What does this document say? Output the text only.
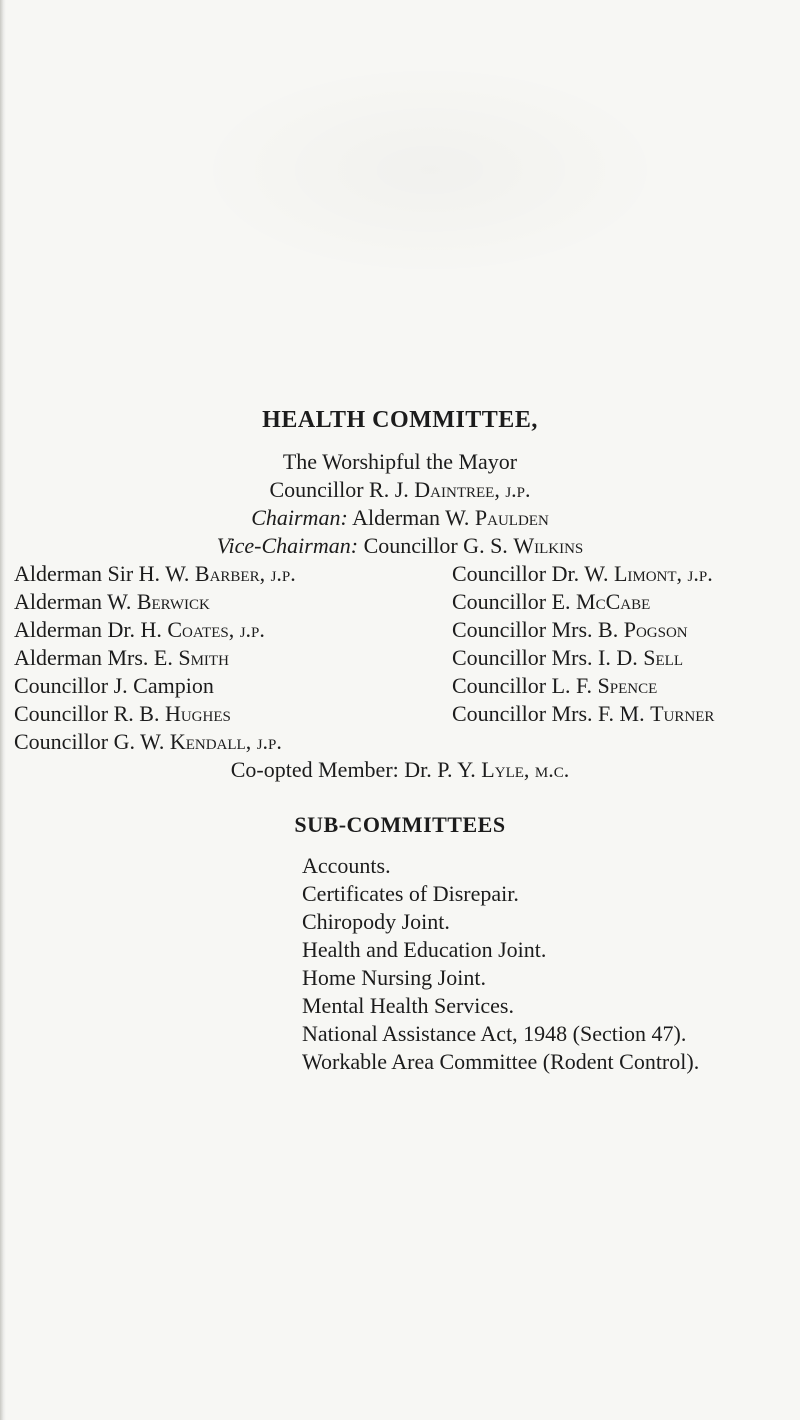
HEALTH COMMITTEE,
The Worshipful the Mayor
Councillor R. J. Daintree, j.p.
Chairman: Alderman W. Paulden
Vice-Chairman: Councillor G. S. Wilkins
Alderman Sir H. W. Barber, j.p.
Alderman W. Berwick
Alderman Dr. H. Coates, j.p.
Alderman Mrs. E. Smith
Councillor J. Campion
Councillor R. B. Hughes
Councillor G. W. Kendall, j.p.
Councillor Dr. W. Limont, j.p.
Councillor E. McCabe
Councillor Mrs. B. Pogson
Councillor Mrs. I. D. Sell
Councillor L. F. Spence
Councillor Mrs. F. M. Turner
Co-opted Member: Dr. P. Y. Lyle, m.c.
SUB-COMMITTEES
Accounts.
Certificates of Disrepair.
Chiropody Joint.
Health and Education Joint.
Home Nursing Joint.
Mental Health Services.
National Assistance Act, 1948 (Section 47).
Workable Area Committee (Rodent Control).
